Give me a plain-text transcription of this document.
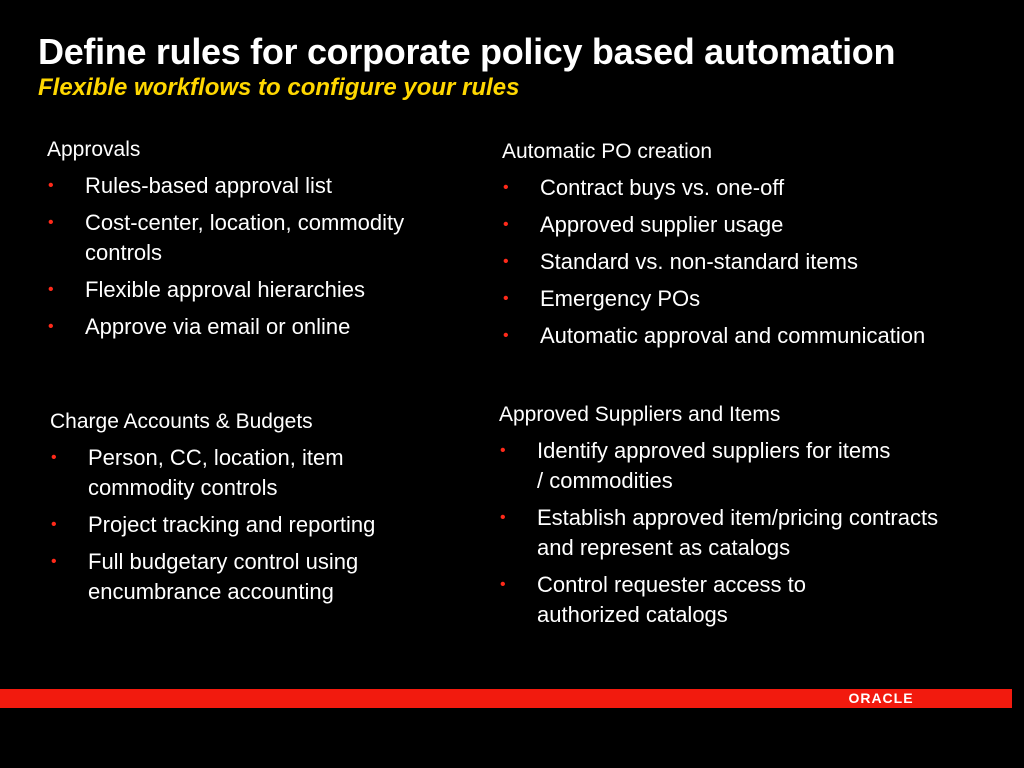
Define rules for corporate policy based automation
Flexible workflows to configure your rules
Approvals
• Rules-based approval list
• Cost-center, location, commodity controls
• Flexible approval hierarchies
• Approve via email or online
Automatic PO creation
• Contract buys vs. one-off
• Approved supplier usage
• Standard vs. non-standard items
• Emergency POs
• Automatic approval and communication
Charge Accounts & Budgets
• Person, CC, location, item commodity controls
• Project tracking and reporting
• Full budgetary control using encumbrance accounting
Approved Suppliers and Items
• Identify approved suppliers for items / commodities
• Establish approved item/pricing contracts and represent as catalogs
• Control requester access to authorized catalogs
ORACLE
